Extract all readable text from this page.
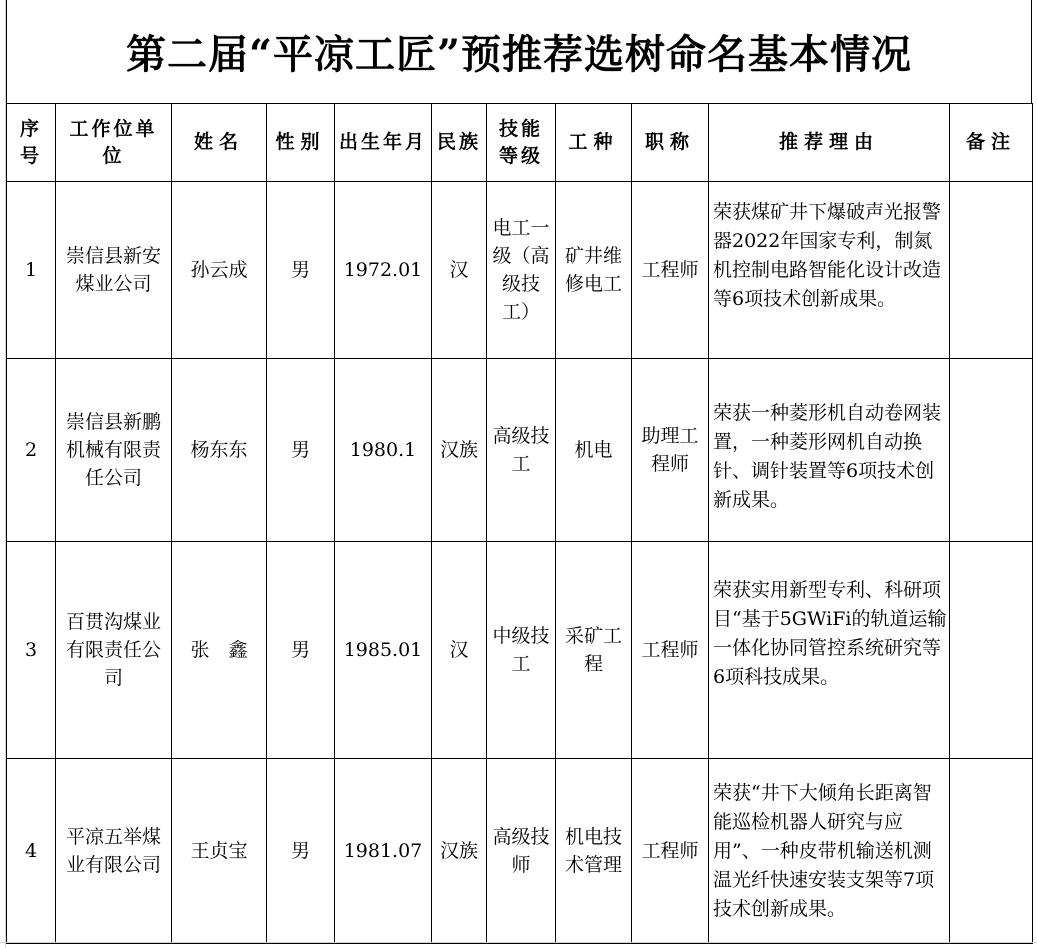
第二届“平凉工匠”预推荐选树命名基本情况
序号	工作位单位	姓名	性别	出生年月	民族	技能等级	工种	职称	推荐理由	备注
1	崇信县新安煤业公司	孙云成	男	1972.01	汉	电工一级（高级技工）	矿井维修电工	工程师	荣获煤矿井下爆破声光报警器2022年国家专利，制氮机控制电路智能化设计改造等6项技术创新成果。	
2	崇信县新鹏机械有限责任公司	杨东东	男	1980.1	汉族	高级技工	机电	助理工程师	荣获一种菱形机自动卷网装置，一种菱形网机自动换针、调针装置等6项技术创新成果。	
3	百贯沟煤业有限责任公司	张　鑫	男	1985.01	汉	中级技工	采矿工程	工程师	荣获实用新型专利、科研项目“基于5GWiFi的轨道运输一体化协同管控系统研究等6项科技成果。	
4	平凉五举煤业有限公司	王贞宝	男	1981.07	汉族	高级技师	机电技术管理	工程师	荣获“井下大倾角长距离智能巡检机器人研究与应用”、一种皮带机输送机测温光纤快速安装支架等7项技术创新成果。	
